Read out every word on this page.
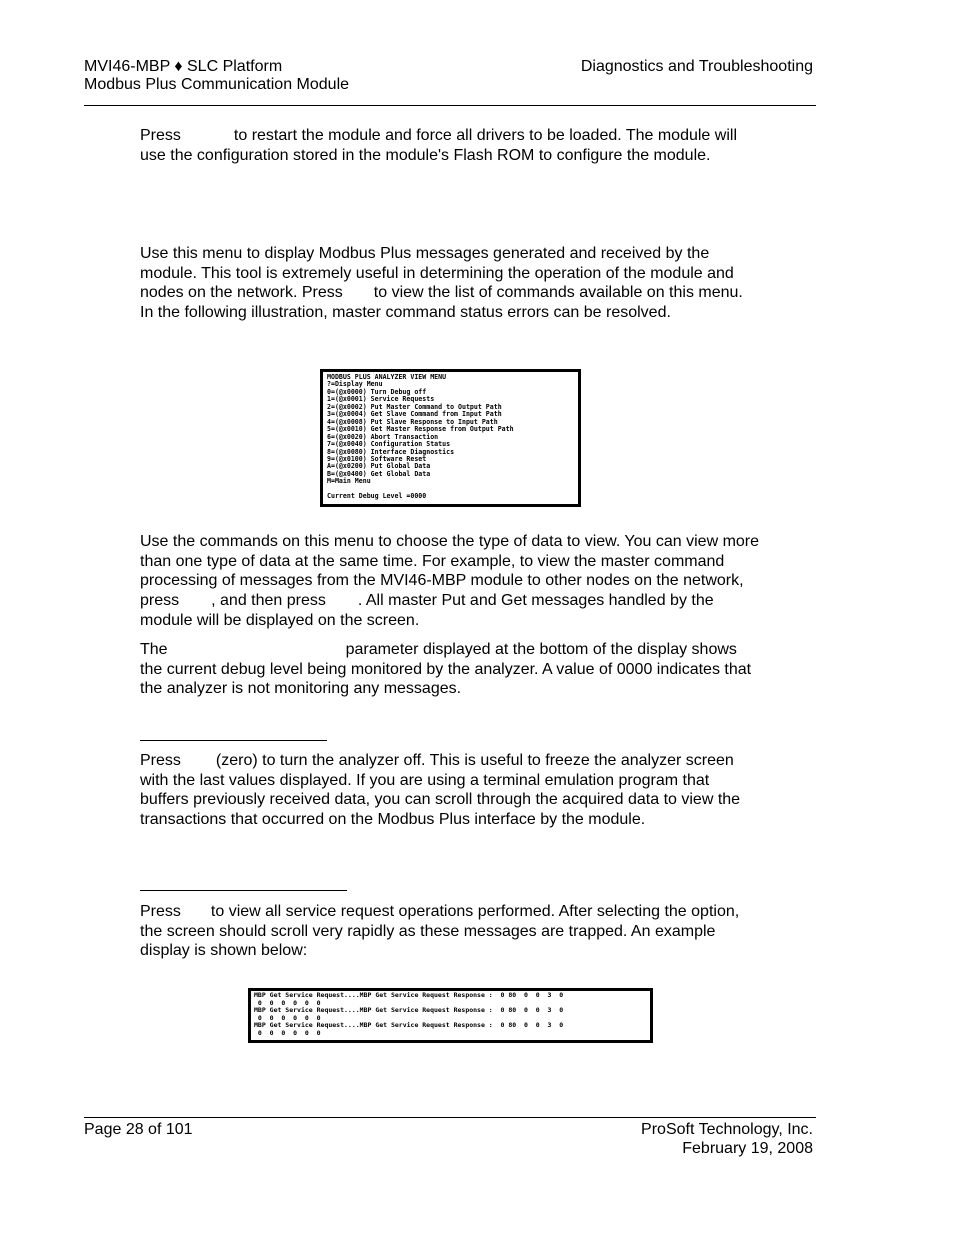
MVI46-MBP ♦ SLC Platform
Modbus Plus Communication Module
Diagnostics and Troubleshooting

Press	to restart the module and force all drivers to be loaded. The module will use the configuration stored in the module's Flash ROM to configure the module.

Use this menu to display Modbus Plus messages generated and received by the module. This tool is extremely useful in determining the operation of the module and nodes on the network. Press to view the list of commands available on this menu. In the following illustration, master command status errors can be resolved.

MODBUS PLUS ANALYZER VIEW MENU
?=Display Menu
0=(@x0000) Turn Debug off
1=(@x0001) Service Requests
2=(@x0002) Put Master Command to Output Path
3=(@x0004) Get Slave Command from Input Path
4=(@x0008) Put Slave Response to Input Path
5=(@x0010) Get Master Response from Output Path
6=(@x0020) Abort Transaction
7=(@x0040) Configuration Status
8=(@x0080) Interface Diagnostics
9=(@x0100) Software Reset
A=(@x0200) Put Global Data
B=(@x0400) Get Global Data
M=Main Menu

Current Debug Level =0000

Use the commands on this menu to choose the type of data to view. You can view more than one type of data at the same time. For example, to view the master command processing of messages from the MVI46-MBP module to other nodes on the network, press , and then press . All master Put and Get messages handled by the module will be displayed on the screen.

The	parameter displayed at the bottom of the display shows the current debug level being monitored by the analyzer. A value of 0000 indicates that the analyzer is not monitoring any messages.

Press (zero) to turn the analyzer off. This is useful to freeze the analyzer screen with the last values displayed. If you are using a terminal emulation program that buffers previously received data, you can scroll through the acquired data to view the transactions that occurred on the Modbus Plus interface by the module.

Press to view all service request operations performed. After selecting the option, the screen should scroll very rapidly as these messages are trapped. An example display is shown below:

MBP Get Service Request....MBP Get Service Request Response :  0 80  0  0  3  0
0  0  0  0  0  0
MBP Get Service Request....MBP Get Service Request Response :  0 80  0  0  3  0
0  0  0  0  0  0
MBP Get Service Request....MBP Get Service Request Response :  0 80  0  0  3  0
0  0  0  0  0  0
Page 28 of 101	ProSoft Technology, Inc.
February 19, 2008
